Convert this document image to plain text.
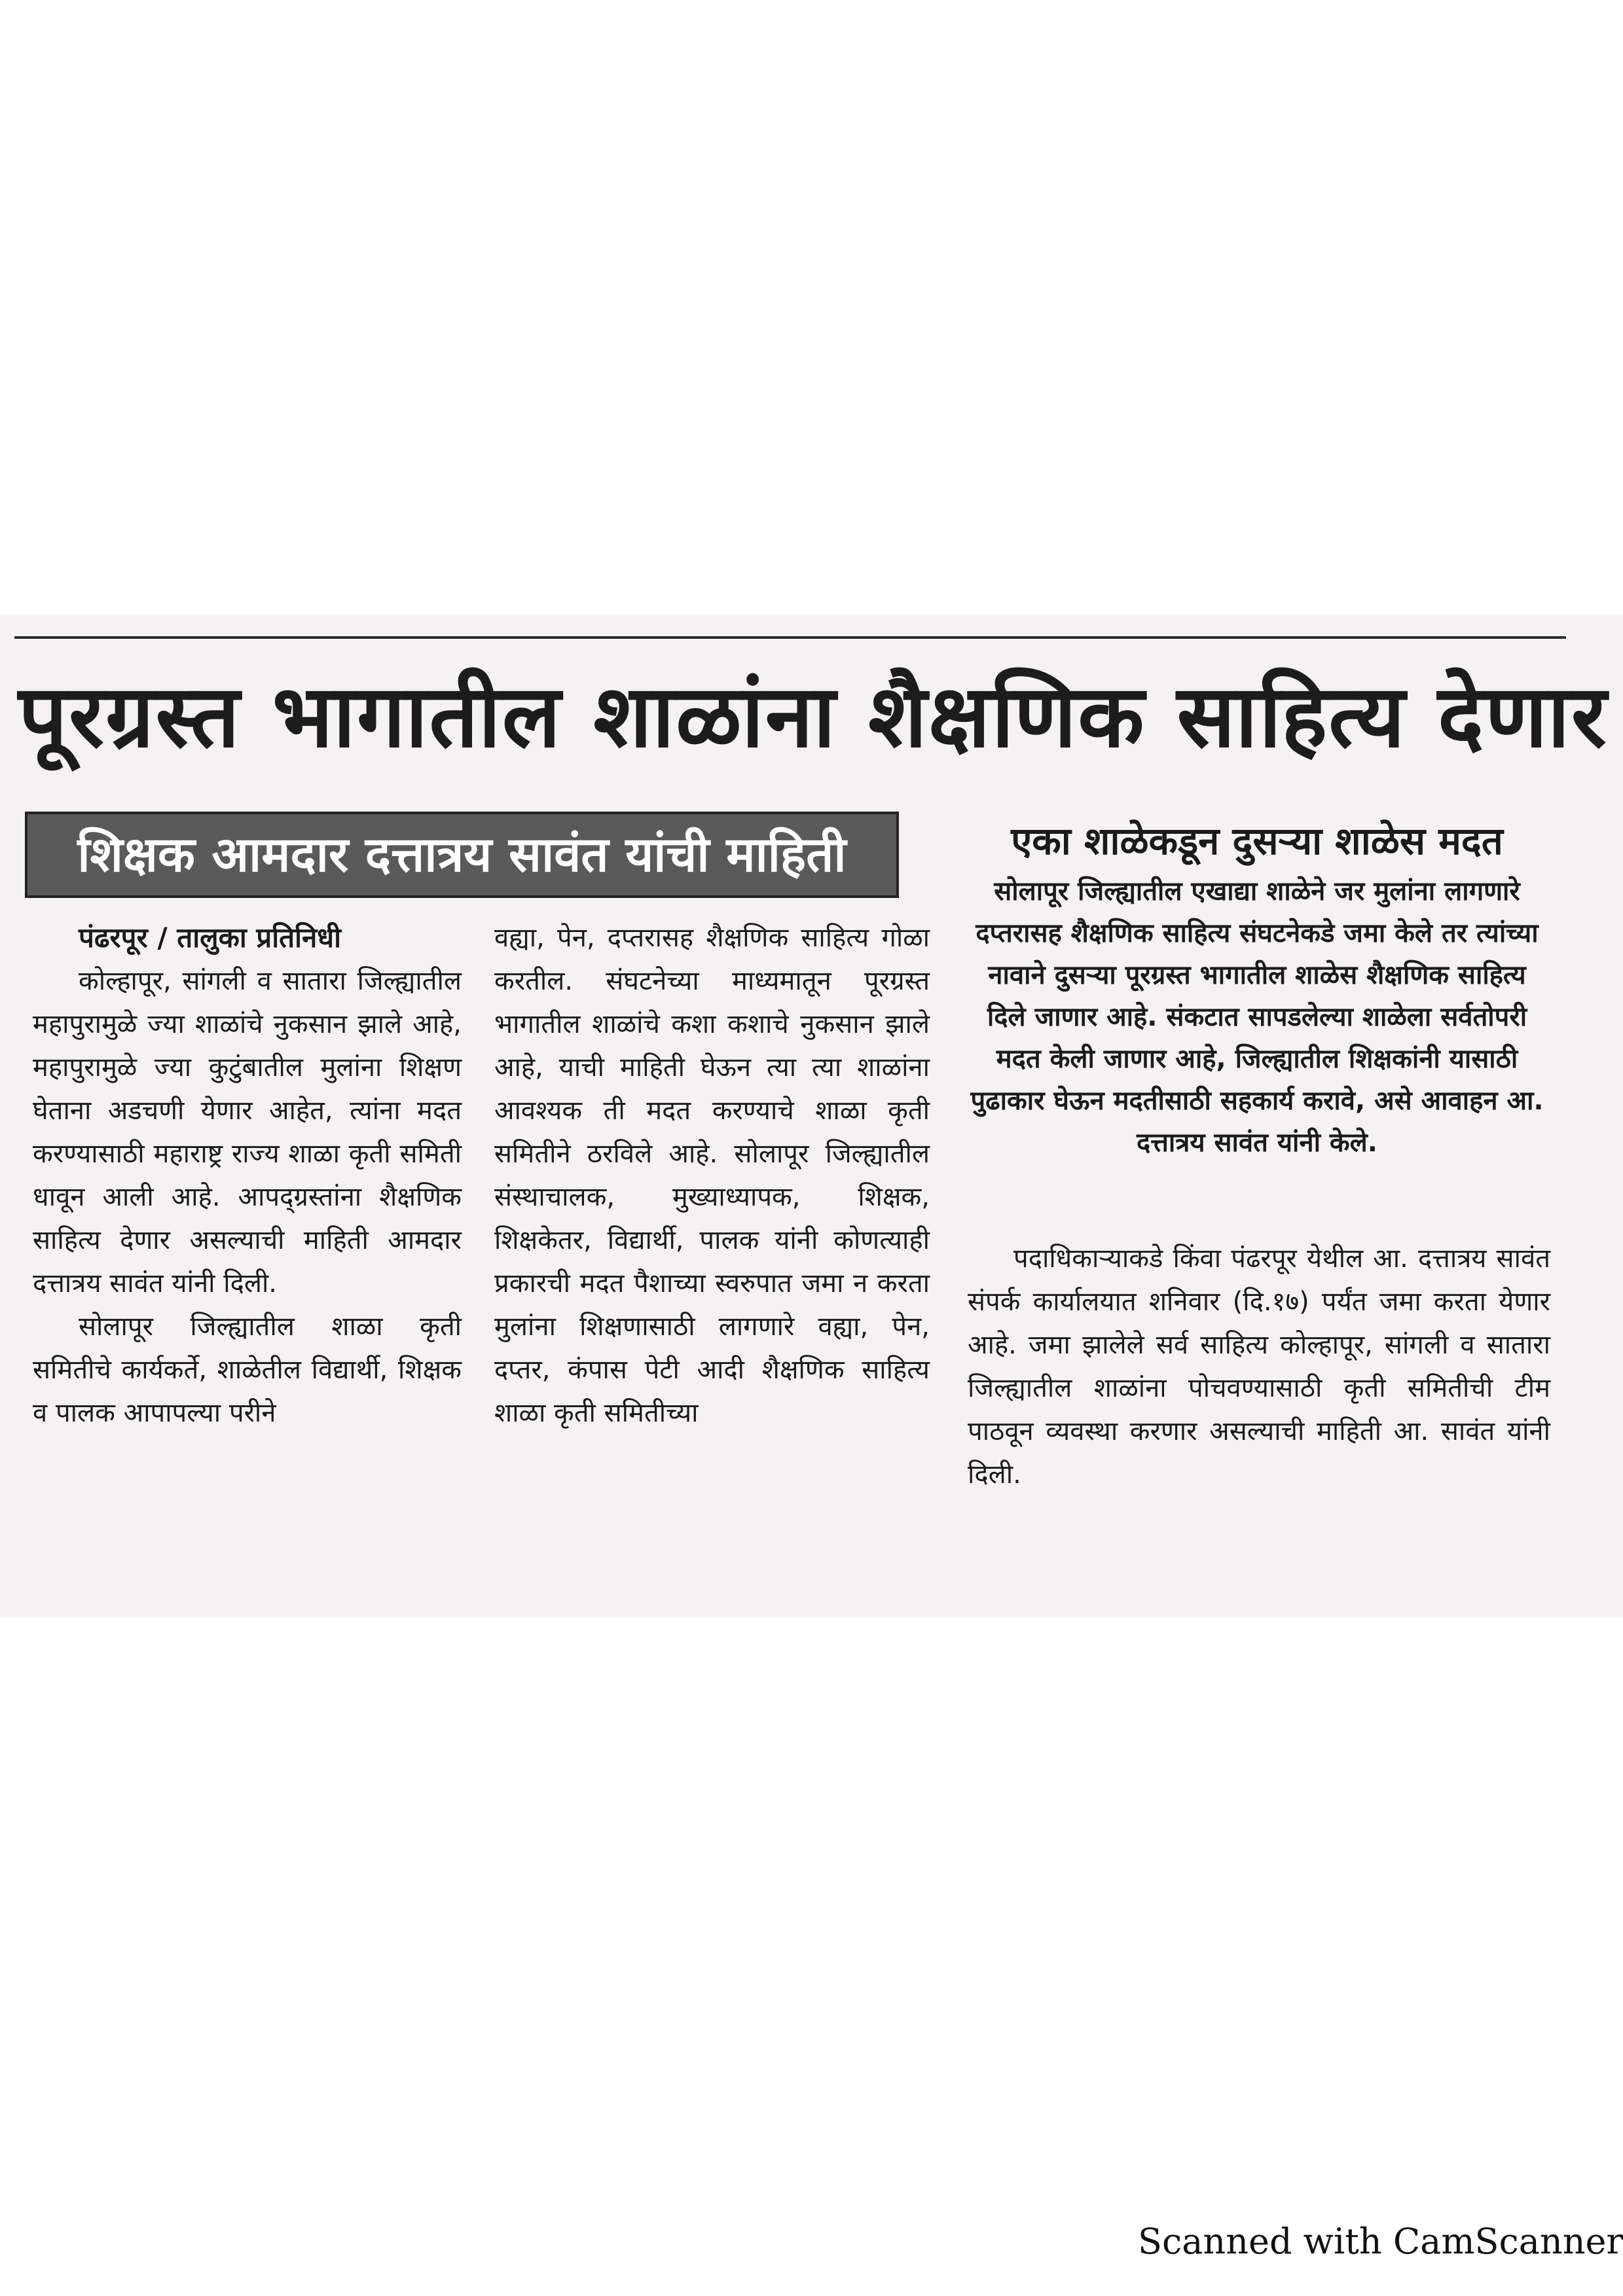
पूरग्रस्त भागातील शाळांना शैक्षणिक साहित्य देणार
शिक्षक आमदार दत्तात्रय सावंत यांची माहिती

पंढरपूर / तालुका प्रतिनिधी

कोल्हापूर, सांगली व सातारा जिल्ह्यातील महापुरामुळे ज्या शाळांचे नुकसान झाले आहे, महापुरामुळे ज्या कुटुंबातील मुलांना शिक्षण घेताना अडचणी येणार आहेत, त्यांना मदत करण्यासाठी महाराष्ट्र राज्य शाळा कृती समिती धावून आली आहे. आपद्ग्रस्तांना शैक्षणिक साहित्य देणार असल्याची माहिती आमदार दत्तात्रय सावंत यांनी दिली.

सोलापूर जिल्ह्यातील शाळा कृती समितीचे कार्यकर्ते, शाळेतील विद्यार्थी, शिक्षक व पालक आपापल्या परीने

वह्या, पेन, दप्तरासह शैक्षणिक साहित्य गोळा करतील. संघटनेच्या माध्यमातून पूरग्रस्त भागातील शाळांचे कशा कशाचे नुकसान झाले आहे, याची माहिती घेऊन त्या त्या शाळांना आवश्यक ती मदत करण्याचे शाळा कृती समितीने ठरविले आहे. सोलापूर जिल्ह्यातील संस्थाचालक, मुख्याध्यापक, शिक्षक, शिक्षकेतर, विद्यार्थी, पालक यांनी कोणत्याही प्रकारची मदत पैशाच्या स्वरुपात जमा न करता मुलांना शिक्षणासाठी लागणारे वह्या, पेन, दप्तर, कंपास पेटी आदी शैक्षणिक साहित्य शाळा कृती समितीच्या

एका शाळेकडून दुसऱ्या शाळेस मदत

सोलापूर जिल्ह्यातील एखाद्या शाळेने जर मुलांना लागणारे दप्तरासह शैक्षणिक साहित्य संघटनेकडे जमा केले तर त्यांच्या नावाने दुसऱ्या पूरग्रस्त भागातील शाळेस शैक्षणिक साहित्य दिले जाणार आहे. संकटात सापडलेल्या शाळेला सर्वतोपरी मदत केली जाणार आहे, जिल्ह्यातील शिक्षकांनी यासाठी पुढाकार घेऊन मदतीसाठी सहकार्य करावे, असे आवाहन आ. दत्तात्रय सावंत यांनी केले.

पदाधिकाऱ्याकडे किंवा पंढरपूर येथील आ. दत्तात्रय सावंत संपर्क कार्यालयात शनिवार (दि.१७) पर्यंत जमा करता येणार आहे. जमा झालेले सर्व साहित्य कोल्हापूर, सांगली व सातारा जिल्ह्यातील शाळांना पोचवण्यासाठी कृती समितीची टीम पाठवून व्यवस्था करणार असल्याची माहिती आ. सावंत यांनी दिली.

Scanned with CamScanner
